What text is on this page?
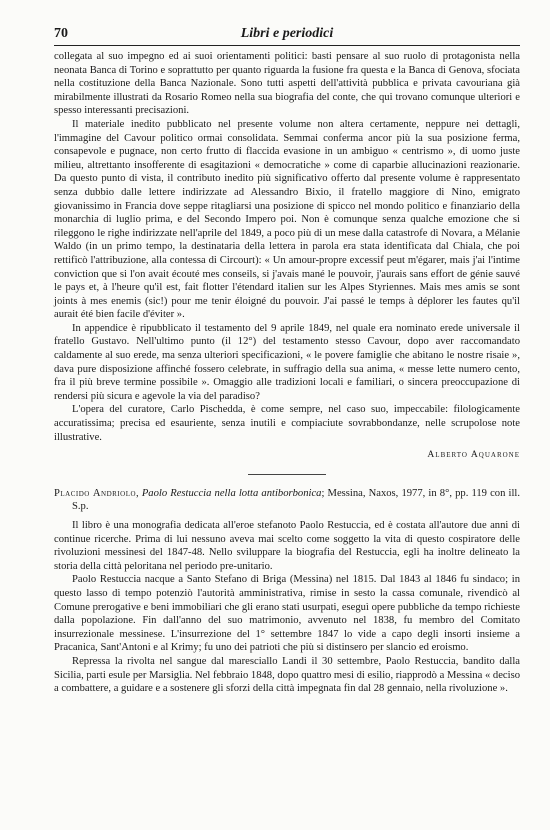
70	Libri e periodici

collegata al suo impegno ed ai suoi orientamenti politici: basti pensare al suo ruolo di protagonista nella neonata Banca di Torino e soprattutto per quanto riguarda la fusione fra questa e la Banca di Genova, sfociata nella costituzione della Banca Nazionale. Sono tutti aspetti dell'attività pubblica e privata cavouriana già mirabilmente illustrati da Rosario Romeo nella sua biografia del conte, che qui trovano comunque ulteriori e spesso interessanti precisazioni.

Il materiale inedito pubblicato nel presente volume non altera certamente, neppure nei dettagli, l'immagine del Cavour politico ormai consolidata. Semmai conferma ancor più la sua posizione ferma, consapevole e pugnace, non certo frutto di flaccida evasione in un ambiguo « centrismo », di uomo juste milieu, altrettanto insofferente di esagitazioni « democratiche » come di caparbie allucinazioni reazionarie. Da questo punto di vista, il contributo inedito più significativo offerto dal presente volume è rappresentato senza dubbio dalle lettere indirizzate ad Alessandro Bixio, il fratello maggiore di Nino, emigrato giovanissimo in Francia dove seppe ritagliarsi una posizione di spicco nel mondo politico e finanziario della monarchia di luglio prima, e del Secondo Impero poi. Non è comunque senza qualche emozione che si rileggono le righe indirizzate nell'aprile del 1849, a poco più di un mese dalla catastrofe di Novara, a Mélanie Waldo (in un primo tempo, la destinataria della lettera in parola era stata identificata dal Chiala, che poi rettificò l'attribuzione, alla contessa di Circourt): « Un amour-propre excessif peut m'égarer, mais j'ai l'intime conviction que si l'on avait écouté mes conseils, si j'avais mané le pouvoir, j'aurais sans effort de génie sauvé le pays et, à l'heure qu'il est, fait flotter l'étendard italien sur les Alpes Styriennes. Mais mes amis se sont joints à mes enemis (sic!) pour me tenir éloigné du pouvoir. J'ai passé le temps à déplorer les fautes qu'il aurait été bien facile d'éviter ».

In appendice è ripubblicato il testamento del 9 aprile 1849, nel quale era nominato erede universale il fratello Gustavo. Nell'ultimo punto (il 12°) del testamento stesso Cavour, dopo aver raccomandato caldamente al suo erede, ma senza ulteriori specificazioni, « le povere famiglie che abitano le nostre risaie », dava pure disposizione affinché fossero celebrate, in suffragio della sua anima, « messe lette numero cento, fra il più breve termine possibile ». Omaggio alle tradizioni locali e familiari, o sincera preoccupazione di rendersi più sicura e agevole la via del paradiso?

L'opera del curatore, Carlo Pischedda, è come sempre, nel caso suo, impeccabile: filologicamente accuratissima; precisa ed esauriente, senza inutili e compiaciute sovrabbondanze, nelle scrupolose note illustrative.

Alberto Aquarone

Placido Andriolo, Paolo Restuccia nella lotta antiborbonica; Messina, Naxos, 1977, in 8°, pp. 119 con ill. S.p.

Il libro è una monografia dedicata all'eroe stefanoto Paolo Restuccia, ed è costata all'autore due anni di continue ricerche. Prima di lui nessuno aveva mai scelto come soggetto la vita di questo cospiratore delle rivoluzioni messinesi del 1847-48. Nello sviluppare la biografia del Restuccia, egli ha inoltre delineato la storia della città peloritana nel periodo pre-unitario.

Paolo Restuccia nacque a Santo Stefano di Briga (Messina) nel 1815. Dal 1843 al 1846 fu sindaco; in questo lasso di tempo potenziò l'autorità amministrativa, rimise in sesto la cassa comunale, rivendicò al Comune prerogative e beni immobiliari che gli erano stati usurpati, eseguì opere pubbliche da tempo richieste dalla popolazione. Fin dall'anno del suo matrimonio, avvenuto nel 1838, fu membro del Comitato insurrezionale messinese. L'insurrezione del 1° settembre 1847 lo vide a capo degli insorti insieme a Pracanica, Sant'Antoni e al Krimy; fu uno dei patrioti che più si distinsero per slancio ed eroismo.

Repressa la rivolta nel sangue dal maresciallo Landi il 30 settembre, Paolo Restuccia, bandito dalla Sicilia, parti esule per Marsiglia. Nel febbraio 1848, dopo quattro mesi di esilio, riapprodò a Messina « deciso a combattere, a guidare e a sostenere gli sforzi della città impegnata fin dal 28 gennaio, nella rivoluzione ».
